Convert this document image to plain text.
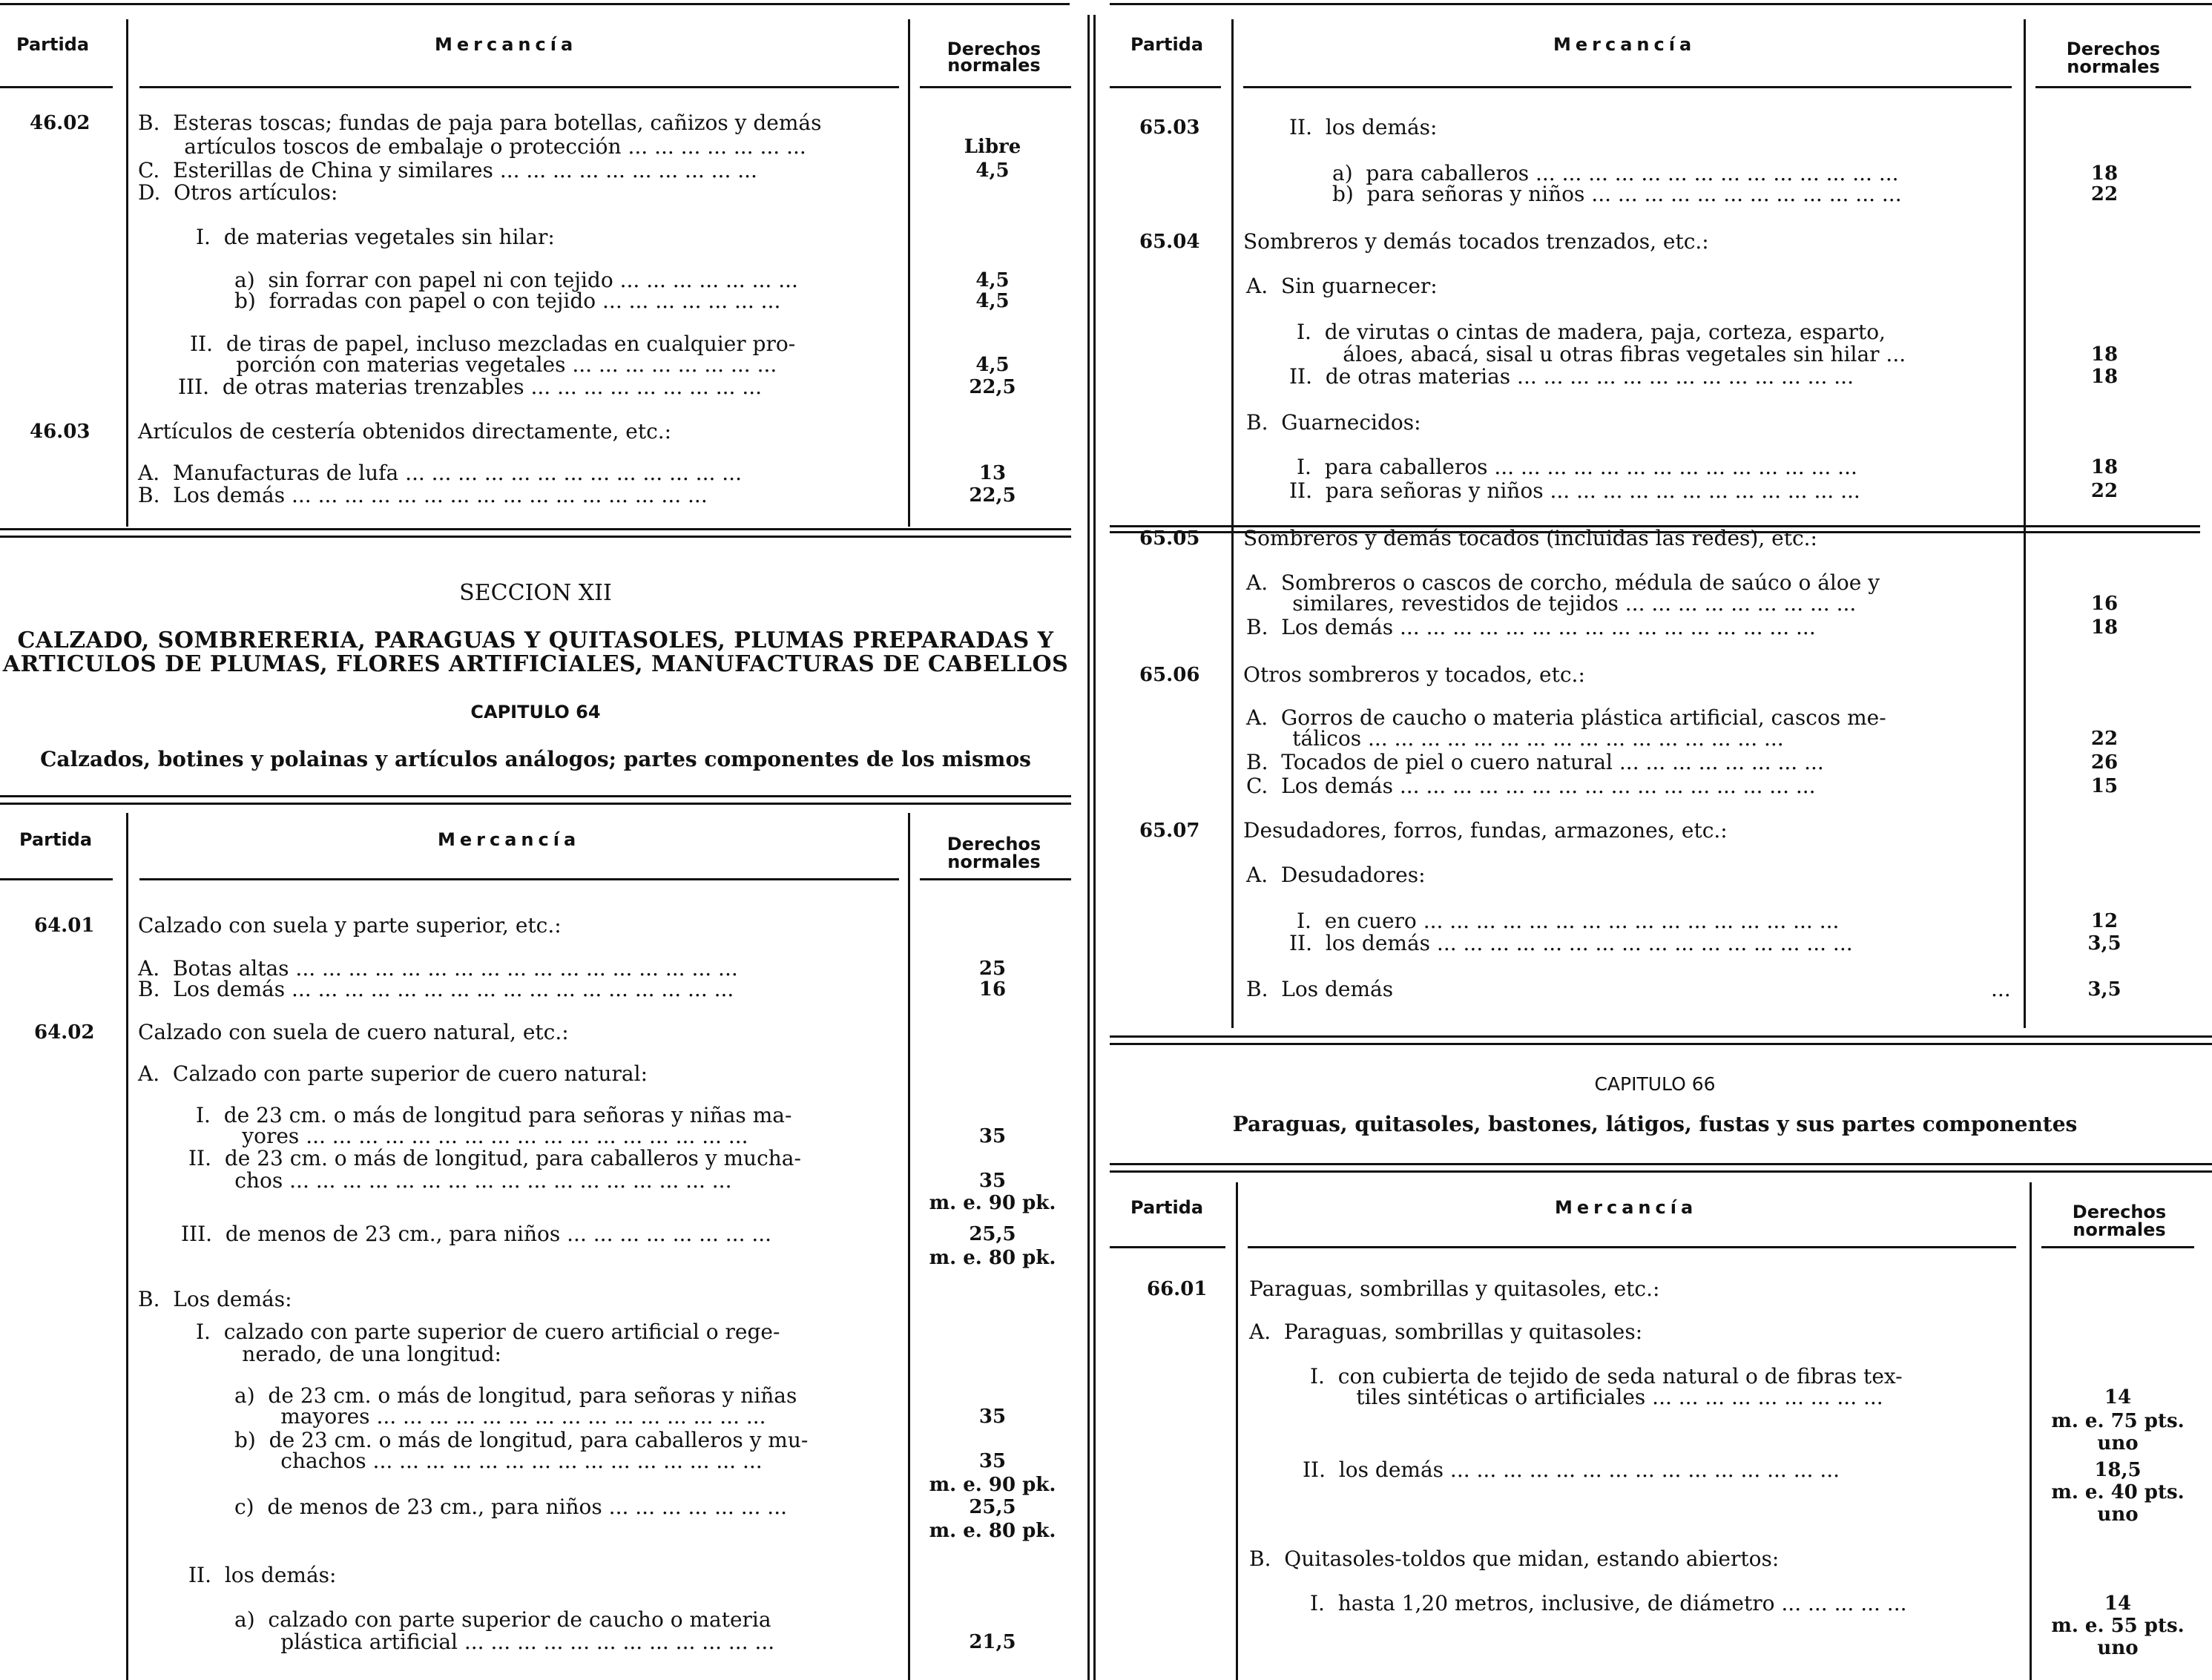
Partida	Mercancía	Derechos
normales
Partida	Mercancía	Derechos
normales
Partida	Mercancía	Derechos
normales
Partida	Mercancía	Derechos
normales
SECCION XII
CALZADO, SOMBRERERIA, PARAGUAS Y QUITASOLES, PLUMAS PREPARADAS Y
ARTICULOS DE PLUMAS, FLORES ARTIFICIALES, MANUFACTURAS DE CABELLOS
CAPITULO 64
Calzados, botines y polainas y artículos análogos; partes componentes de los mismos
CAPITULO 66
Paraguas, quitasoles, bastones, látigos, fustas y sus partes componentes
46.02 B.  Esteras toscas; fundas de paja para botellas, cañizos y demás
artículos toscos de embalaje o protección ... ... ... ... ... ... ...	Libre
C.  Esterillas de China y similares ... ... ... ... ... ... ... ... ... ...	4,5
D.  Otros artículos:
I.  de materias vegetales sin hilar:
a)  sin forrar con papel ni con tejido ... ... ... ... ... ... ...	4,5
b)  forradas con papel o con tejido ... ... ... ... ... ... ...	4,5
II.  de tiras de papel, incluso mezcladas en cualquier pro-
porción con materias vegetales ... ... ... ... ... ... ... ...	4,5
III.  de otras materias trenzables ... ... ... ... ... ... ... ... ...	22,5
46.03 Artículos de cestería obtenidos directamente, etc.:
A.  Manufacturas de lufa ... ... ... ... ... ... ... ... ... ... ... ... ...	13
B.  Los demás ... ... ... ... ... ... ... ... ... ... ... ... ... ... ... ...	22,5
64.01 Calzado con suela y parte superior, etc.:
A.  Botas altas ... ... ... ... ... ... ... ... ... ... ... ... ... ... ... ... ...	25
B.  Los demás ... ... ... ... ... ... ... ... ... ... ... ... ... ... ... ... ...	16
64.02 Calzado con suela de cuero natural, etc.:
A.  Calzado con parte superior de cuero natural:
I.  de 23 cm. o más de longitud para señoras y niñas ma-
yores ... ... ... ... ... ... ... ... ... ... ... ... ... ... ... ... ...	35
II.  de 23 cm. o más de longitud, para caballeros y mucha-
chos ... ... ... ... ... ... ... ... ... ... ... ... ... ... ... ... ...	35
m. e. 90 pk.
III.  de menos de 23 cm., para niños ... ... ... ... ... ... ... ...	25,5
m. e. 80 pk.
B.  Los demás:
I.  calzado con parte superior de cuero artificial o rege-
nerado, de una longitud:
a)  de 23 cm. o más de longitud, para señoras y niñas
mayores ... ... ... ... ... ... ... ... ... ... ... ... ... ... ...	35
b)  de 23 cm. o más de longitud, para caballeros y mu-
chachos ... ... ... ... ... ... ... ... ... ... ... ... ... ... ...	35
m. e. 90 pk.
c)  de menos de 23 cm., para niños ... ... ... ... ... ... ...	25,5
m. e. 80 pk.
II.  los demás:
a)  calzado con parte superior de caucho o materia
plástica artificial ... ... ... ... ... ... ... ... ... ... ... ...	21,5
65.03	II.  los demás:
a)  para caballeros ... ... ... ... ... ... ... ... ... ... ... ... ... ...	18
b)  para señoras y niños ... ... ... ... ... ... ... ... ... ... ... ...	22
65.04 Sombreros y demás tocados trenzados, etc.:
A.  Sin guarnecer:
I.  de virutas o cintas de madera, paja, corteza, esparto,
áloes, abacá, sisal u otras fibras vegetales sin hilar ...	18
II.  de otras materias ... ... ... ... ... ... ... ... ... ... ... ... ...	18
B.  Guarnecidos:
I.  para caballeros ... ... ... ... ... ... ... ... ... ... ... ... ... ...	18
II.  para señoras y niños ... ... ... ... ... ... ... ... ... ... ... ...	22
65.05 Sombreros y demás tocados (incluidas las redes), etc.:
A.  Sombreros o cascos de corcho, médula de saúco o áloe y
similares, revestidos de tejidos ... ... ... ... ... ... ... ... ...	16
B.  Los demás ... ... ... ... ... ... ... ... ... ... ... ... ... ... ... ...	18
65.06 Otros sombreros y tocados, etc.:
A.  Gorros de caucho o materia plástica artificial, cascos me-
tálicos ... ... ... ... ... ... ... ... ... ... ... ... ... ... ... ...	22
B.  Tocados de piel o cuero natural ... ... ... ... ... ... ... ...	26
C.  Los demás ... ... ... ... ... ... ... ... ... ... ... ... ... ... ... ...	15
65.07 Desudadores, forros, fundas, armazones, etc.:
A.  Desudadores:
I.  en cuero ... ... ... ... ... ... ... ... ... ... ... ... ... ... ... ...	12
II.  los demás ... ... ... ... ... ... ... ... ... ... ... ... ... ... ... ...	3,5
B.  Los demás	...	3,5
66.01 Paraguas, sombrillas y quitasoles, etc.:
A.  Paraguas, sombrillas y quitasoles:
I.  con cubierta de tejido de seda natural o de fibras tex-
tiles sintéticas o artificiales ... ... ... ... ... ... ... ... ...	14
m. e. 75 pts.
uno
II.  los demás ... ... ... ... ... ... ... ... ... ... ... ... ... ... ...	18,5
m. e. 40 pts.
uno
B.  Quitasoles-toldos que midan, estando abiertos:
I.  hasta 1,20 metros, inclusive, de diámetro ... ... ... ... ...	14
m. e. 55 pts.
uno
